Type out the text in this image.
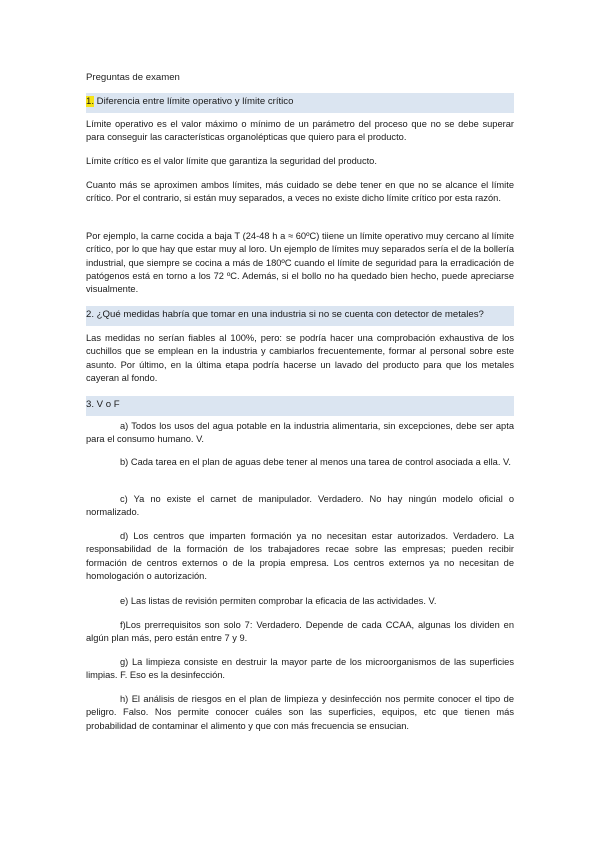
Preguntas de examen
1. Diferencia entre límite operativo y límite crítico

Límite operativo es el valor máximo o mínimo de un parámetro del proceso que no se debe superar para conseguir las características organolépticas que quiero para el producto.

Límite crítico es el valor límite que garantiza la seguridad del producto.

Cuanto más se aproximen ambos límites, más cuidado se debe tener en que no se alcance el límite crítico. Por el contrario, si están muy separados, a veces no existe dicho límite crítico por esta razón.

Por ejemplo, la carne cocida a baja T (24-48 h a ≈ 60ºC) tiiene un límite operativo muy cercano al límite crítico, por lo que hay que estar muy al loro. Un ejemplo de límites muy separados sería el de la bollería industrial, que siempre se cocina a más de 180ºC cuando el límite de seguridad para la erradicación de patógenos está en torno a los 72 ºC. Además, si el bollo no ha quedado bien hecho, puede apreciarse visualmente.

2. ¿Qué medidas habría que tomar en una industria si no se cuenta con detector de metales?

Las medidas no serían fiables al 100%, pero: se podría hacer una comprobación exhaustiva de los cuchillos que se emplean en la industria y cambiarlos frecuentemente, formar al personal sobre este asunto. Por último, en la última etapa podría hacerse un lavado del producto para que los metales cayeran al fondo.

3. V o F

a) Todos los usos del agua potable en la industria alimentaria, sin excepciones, debe ser apta para el consumo humano. V.

b) Cada tarea en el plan de aguas debe tener al menos una tarea de control asociada a ella. V.

c) Ya no existe el carnet de manipulador. Verdadero. No hay ningún modelo oficial o normalizado.

d) Los centros que imparten formación ya no necesitan estar autorizados. Verdadero. La responsabilidad de la formación de los trabajadores recae sobre las empresas; pueden recibir formación de centros externos o de la propia empresa. Los centros externos ya no necesitan de homologación o autorización.

e) Las listas de revisión permiten comprobar la eficacia de las actividades. V.

f)Los prerrequisitos son solo 7: Verdadero. Depende de cada CCAA, algunas los dividen en algún plan más, pero están entre 7 y 9.

g) La limpieza consiste en destruir la mayor parte de los microorganismos de las superficies limpias. F. Eso es la desinfección.

h) El análisis de riesgos en el plan de limpieza y desinfección nos permite conocer el tipo de peligro. Falso. Nos permite conocer cuáles son las superficies, equipos, etc que tienen más probabilidad de contaminar el alimento y que con más frecuencia se ensucian.
